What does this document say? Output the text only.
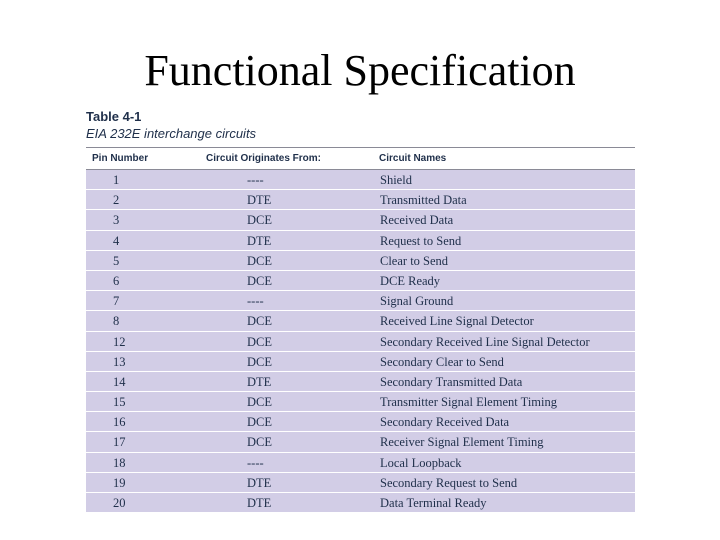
Functional Specification
Table 4-1
EIA 232E interchange circuits
Pin Number	Circuit Originates From:	Circuit Names
1	----	Shield
2	DTE	Transmitted Data
3	DCE	Received Data
4	DTE	Request to Send
5	DCE	Clear to Send
6	DCE	DCE Ready
7	----	Signal Ground
8	DCE	Received Line Signal Detector
12	DCE	Secondary Received Line Signal Detector
13	DCE	Secondary Clear to Send
14	DTE	Secondary Transmitted Data
15	DCE	Transmitter Signal Element Timing
16	DCE	Secondary Received Data
17	DCE	Receiver Signal Element Timing
18	----	Local Loopback
19	DTE	Secondary Request to Send
20	DTE	Data Terminal Ready
